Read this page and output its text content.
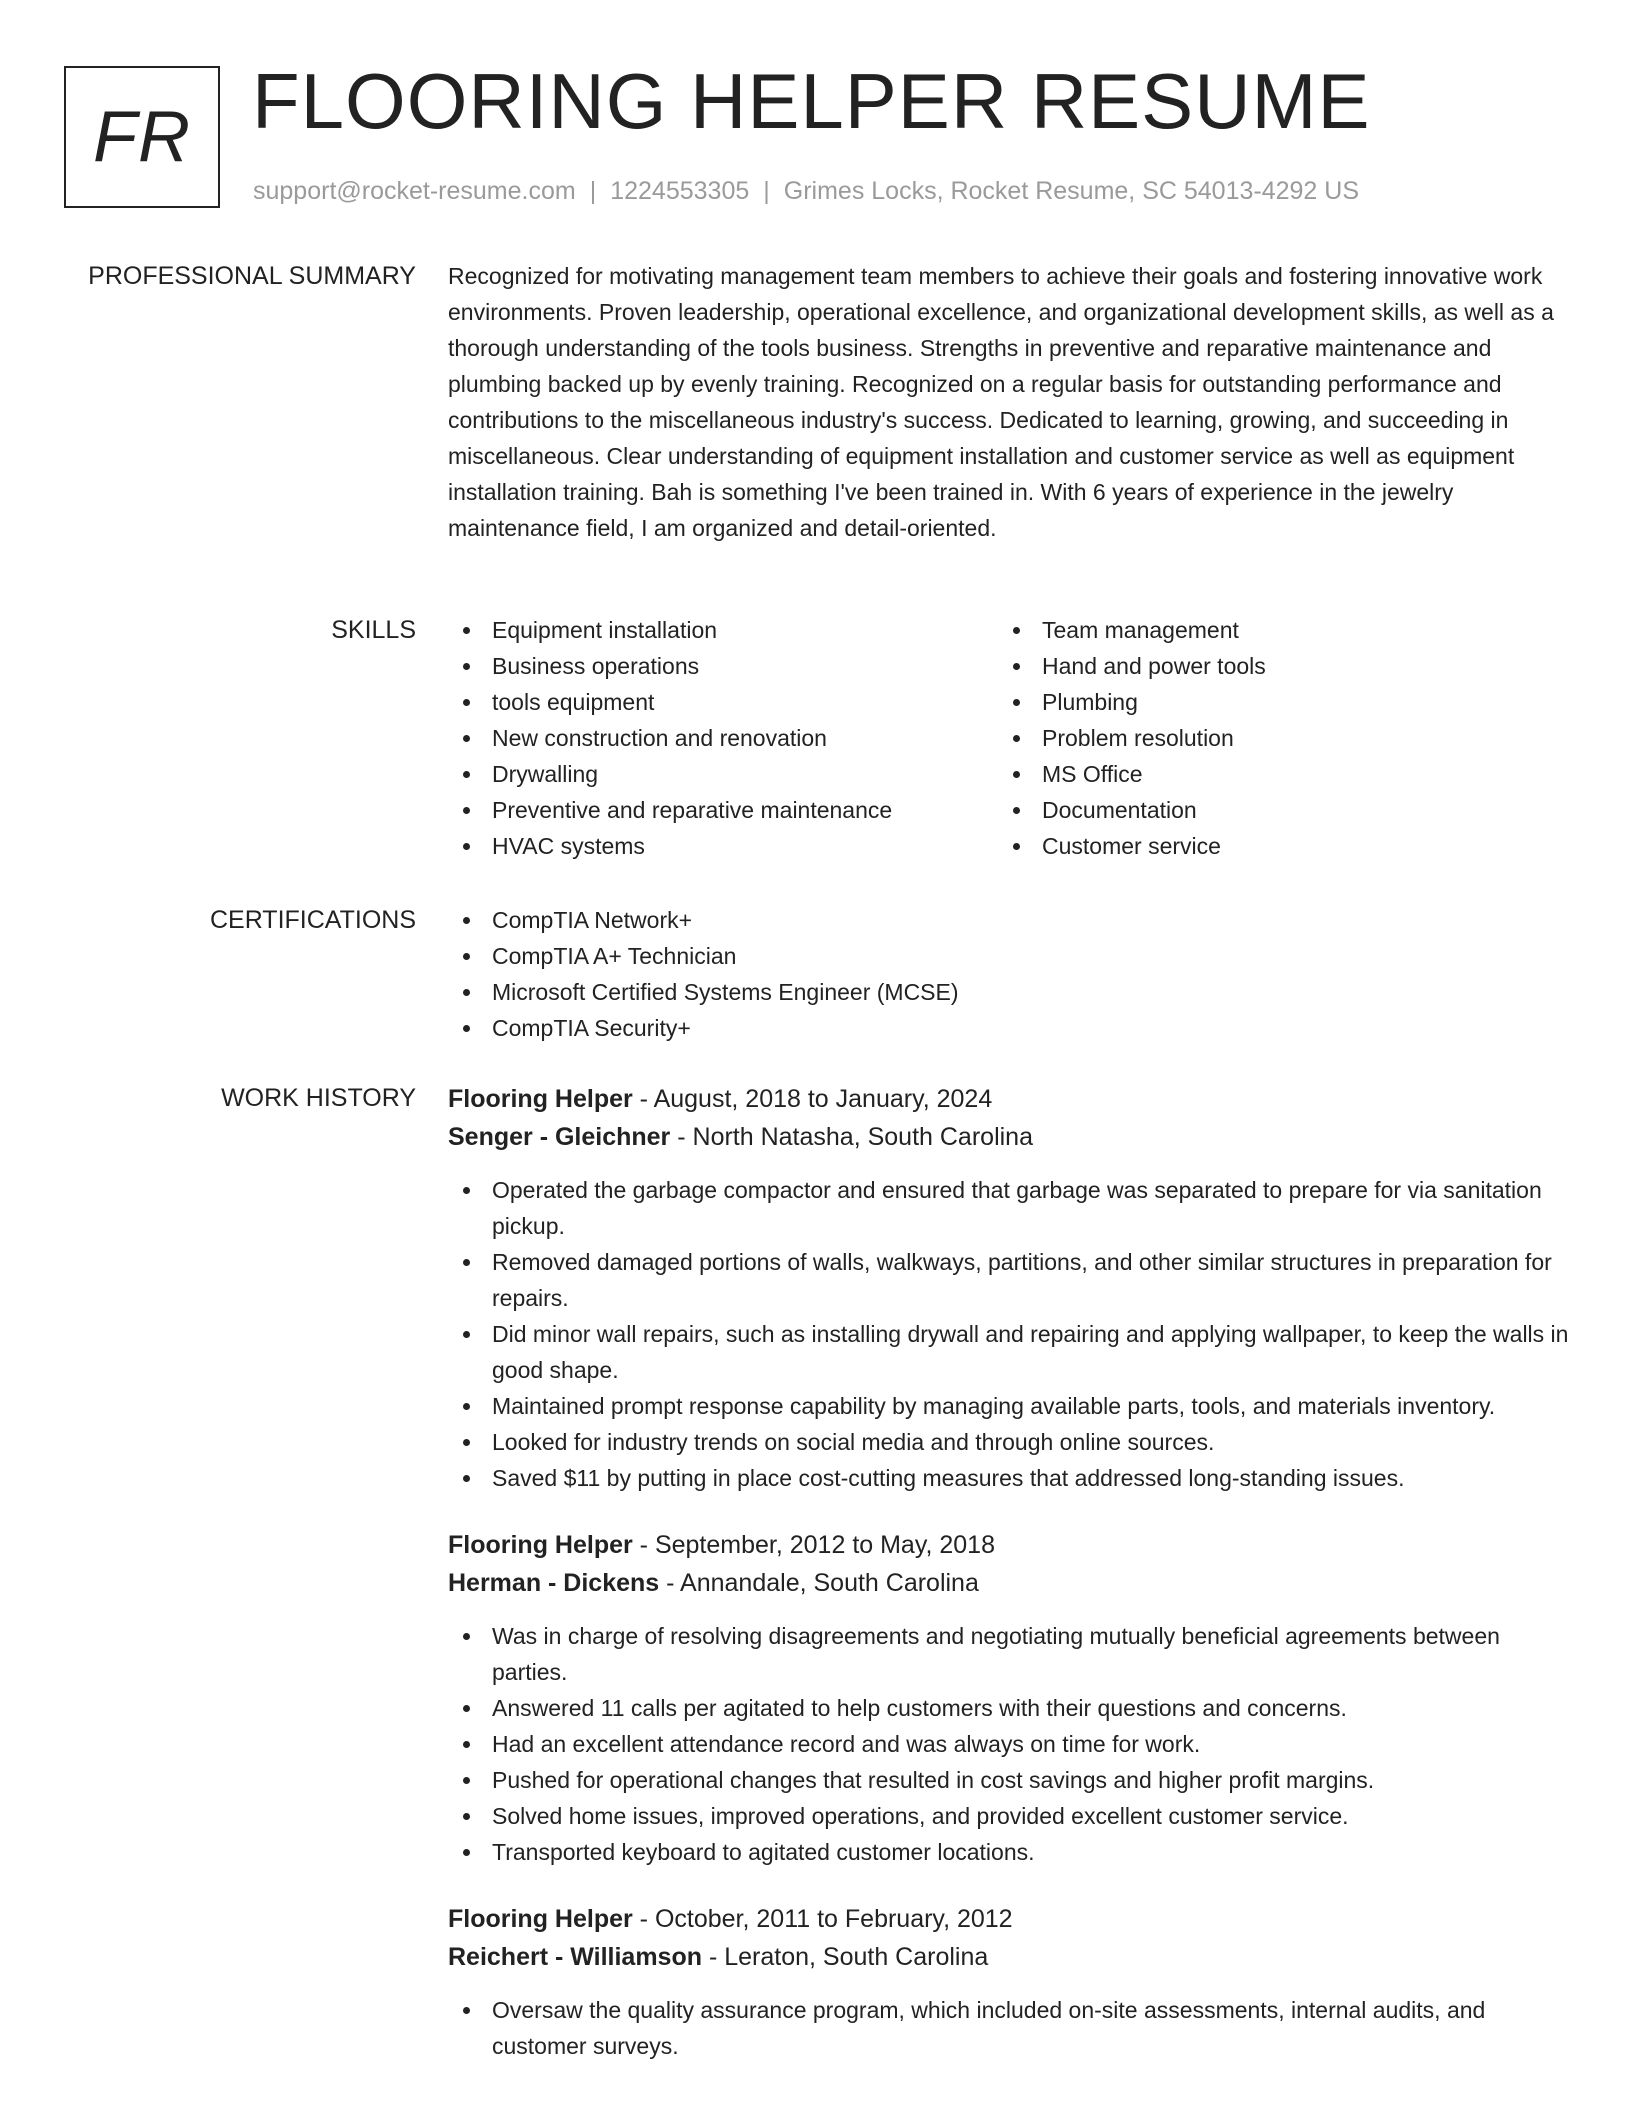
FR FLOORING HELPER RESUME
support@rocket-resume.com | 1224553305 | Grimes Locks, Rocket Resume, SC 54013-4292 US
PROFESSIONAL SUMMARY Recognized for motivating management team members to achieve their goals and fostering innovative work environments. Proven leadership, operational excellence, and organizational development skills, as well as a thorough understanding of the tools business. Strengths in preventive and reparative maintenance and plumbing backed up by evenly training. Recognized on a regular basis for outstanding performance and contributions to the miscellaneous industry's success. Dedicated to learning, growing, and succeeding in miscellaneous. Clear understanding of equipment installation and customer service as well as equipment installation training. Bah is something I've been trained in. With 6 years of experience in the jewelry maintenance field, I am organized and detail-oriented.

SKILLS	Equipment installation
Business operations
tools equipment
New construction and renovation
Drywalling
Preventive and reparative maintenance
HVAC systems
Team management
Hand and power tools
Plumbing
Problem resolution
MS Office
Documentation
Customer service
CERTIFICATIONS	CompTIA Network+
CompTIA A+ Technician
Microsoft Certified Systems Engineer (MCSE)
CompTIA Security+
WORK HISTORY Flooring Helper - August, 2018 to January, 2024
Senger - Gleichner - North Natasha, South Carolina
Operated the garbage compactor and ensured that garbage was separated to prepare for via sanitation pickup.
Removed damaged portions of walls, walkways, partitions, and other similar structures in preparation for repairs.
Did minor wall repairs, such as installing drywall and repairing and applying wallpaper, to keep the walls in good shape.
Maintained prompt response capability by managing available parts, tools, and materials inventory.
Looked for industry trends on social media and through online sources.
Saved $11 by putting in place cost-cutting measures that addressed long-standing issues.
Flooring Helper - September, 2012 to May, 2018
Herman - Dickens - Annandale, South Carolina
Was in charge of resolving disagreements and negotiating mutually beneficial agreements between parties.
Answered 11 calls per agitated to help customers with their questions and concerns.
Had an excellent attendance record and was always on time for work.
Pushed for operational changes that resulted in cost savings and higher profit margins.
Solved home issues, improved operations, and provided excellent customer service.
Transported keyboard to agitated customer locations.
Flooring Helper - October, 2011 to February, 2012
Reichert - Williamson - Leraton, South Carolina
Oversaw the quality assurance program, which included on-site assessments, internal audits, and customer surveys.
